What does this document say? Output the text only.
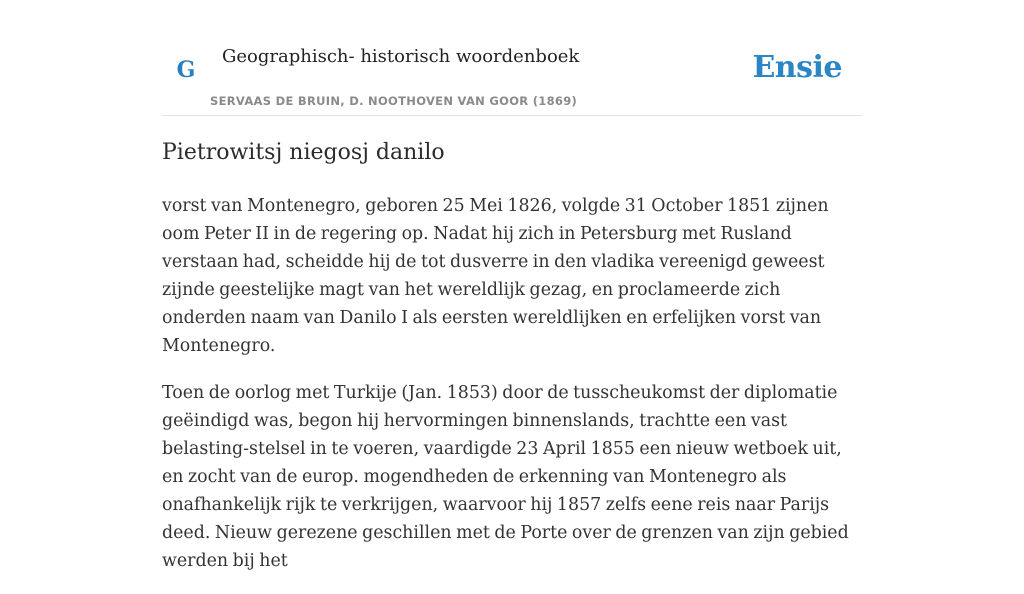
G
Geographisch- historisch woordenboek
SERVAAS DE BRUIN, D. NOOTHOVEN VAN GOOR (1869)
Ensie
Pietrowitsj niegosj danilo

vorst van Montenegro, geboren 25 Mei 1826, volgde 31 October 1851 zijnen oom Peter II in de regering op. Nadat hij zich in Petersburg met Rusland verstaan had, scheidde hij de tot dusverre in den vladika vereenigd geweest zijnde geestelijke magt van het wereldlijk gezag, en proclameerde zich onderden naam van Danilo I als eersten wereldlijken en erfelijken vorst van Montenegro.

Toen de oorlog met Turkije (Jan. 1853) door de tusscheukomst der diplomatie geëindigd was, begon hij hervormingen binnenslands, trachtte een vast belasting-stelsel in te voeren, vaardigde 23 April 1855 een nieuw wetboek uit, en zocht van de europ. mogendheden de erkenning van Montenegro als onafhankelijk rijk te verkrijgen, waarvoor hij 1857 zelfs eene reis naar Parijs deed. Nieuw gerezene geschillen met de Porte over de grenzen van zijn gebied werden bij het
